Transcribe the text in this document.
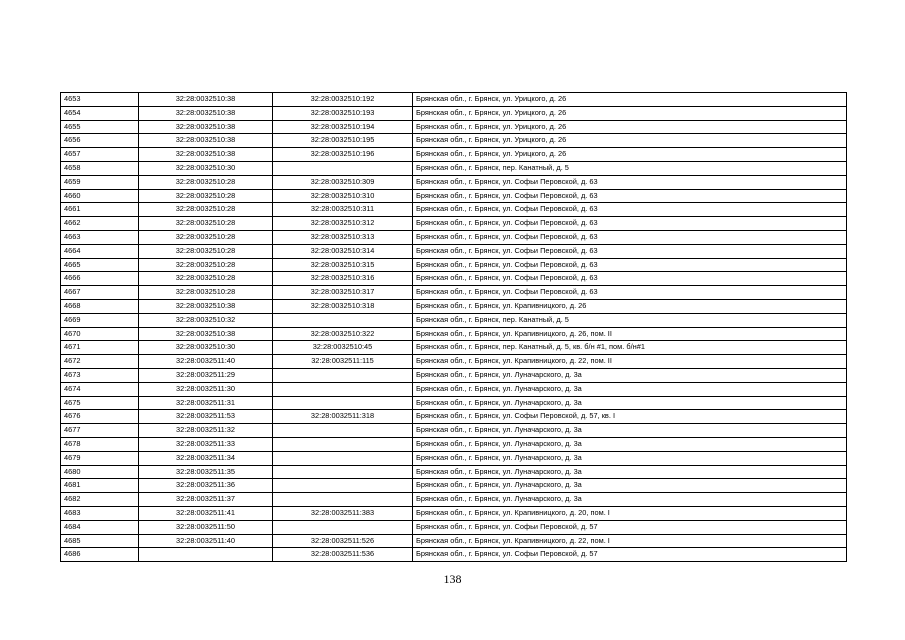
4653	32:28:0032510:38	32:28:0032510:192	Брянская обл., г. Брянск, ул. Урицкого, д. 26
4654	32:28:0032510:38	32:28:0032510:193	Брянская обл., г. Брянск, ул. Урицкого, д. 26
4655	32:28:0032510:38	32:28:0032510:194	Брянская обл., г. Брянск, ул. Урицкого, д. 26
4656	32:28:0032510:38	32:28:0032510:195	Брянская обл., г. Брянск, ул. Урицкого, д. 26
4657	32:28:0032510:38	32:28:0032510:196	Брянская обл., г. Брянск, ул. Урицкого, д. 26
4658	32:28:0032510:30		Брянская обл., г. Брянск, пер. Канатный, д. 5
4659	32:28:0032510:28	32:28:0032510:309	Брянская обл., г. Брянск, ул. Софьи Перовской, д. 63
4660	32:28:0032510:28	32:28:0032510:310	Брянская обл., г. Брянск, ул. Софьи Перовской, д. 63
4661	32:28:0032510:28	32:28:0032510:311	Брянская обл., г. Брянск, ул. Софьи Перовской, д. 63
4662	32:28:0032510:28	32:28:0032510:312	Брянская обл., г. Брянск, ул. Софьи Перовской, д. 63
4663	32:28:0032510:28	32:28:0032510:313	Брянская обл., г. Брянск, ул. Софьи Перовской, д. 63
4664	32:28:0032510:28	32:28:0032510:314	Брянская обл., г. Брянск, ул. Софьи Перовской, д. 63
4665	32:28:0032510:28	32:28:0032510:315	Брянская обл., г. Брянск, ул. Софьи Перовской, д. 63
4666	32:28:0032510:28	32:28:0032510:316	Брянская обл., г. Брянск, ул. Софьи Перовской, д. 63
4667	32:28:0032510:28	32:28:0032510:317	Брянская обл., г. Брянск, ул. Софьи Перовской, д. 63
4668	32:28:0032510:38	32:28:0032510:318	Брянская обл., г. Брянск, ул. Крапивницкого, д. 26
4669	32:28:0032510:32		Брянская обл., г. Брянск, пер. Канатный, д. 5
4670	32:28:0032510:38	32:28:0032510:322	Брянская обл., г. Брянск, ул. Крапивницкого, д. 26, пом. II
4671	32:28:0032510:30	32:28:0032510:45	Брянская обл., г. Брянск, пер. Канатный, д. 5, кв. б/н #1, пом. б/н#1
4672	32:28:0032511:40	32:28:0032511:115	Брянская обл., г. Брянск, ул. Крапивницкого, д. 22, пом. II
4673	32:28:0032511:29		Брянская обл., г. Брянск, ул. Луначарского, д. 3а
4674	32:28:0032511:30		Брянская обл., г. Брянск, ул. Луначарского, д. 3а
4675	32:28:0032511:31		Брянская обл., г. Брянск, ул. Луначарского, д. 3а
4676	32:28:0032511:53	32:28:0032511:318	Брянская обл., г. Брянск, ул. Софьи Перовской, д. 57, кв. I
4677	32:28:0032511:32		Брянская обл., г. Брянск, ул. Луначарского, д. 3а
4678	32:28:0032511:33		Брянская обл., г. Брянск, ул. Луначарского, д. 3а
4679	32:28:0032511:34		Брянская обл., г. Брянск, ул. Луначарского, д. 3а
4680	32:28:0032511:35		Брянская обл., г. Брянск, ул. Луначарского, д. 3а
4681	32:28:0032511:36		Брянская обл., г. Брянск, ул. Луначарского, д. 3а
4682	32:28:0032511:37		Брянская обл., г. Брянск, ул. Луначарского, д. 3а
4683	32:28:0032511:41	32:28:0032511:383	Брянская обл., г. Брянск, ул. Крапивницкого, д. 20, пом. I
4684	32:28:0032511:50		Брянская обл., г. Брянск, ул. Софьи Перовской, д. 57
4685	32:28:0032511:40	32:28:0032511:526	Брянская обл., г. Брянск, ул. Крапивницкого, д. 22, пом. I
4686		32:28:0032511:536	Брянская обл., г. Брянск, ул. Софьи Перовской, д. 57
138
